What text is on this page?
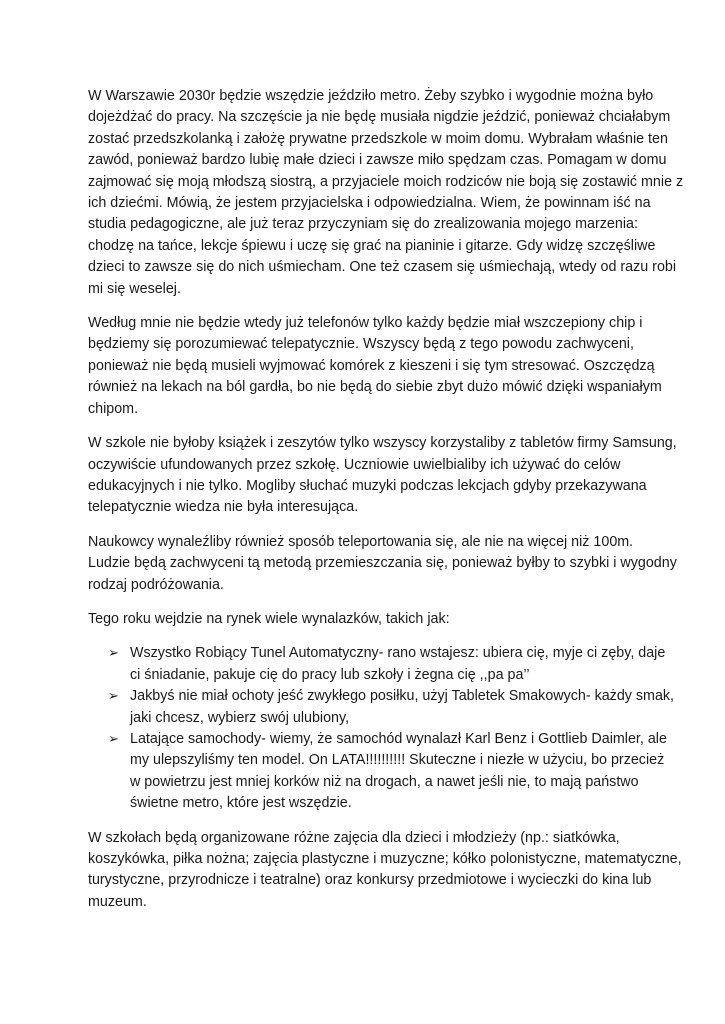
W Warszawie 2030r będzie wszędzie jeździło metro. Żeby szybko i wygodnie można było
dojeżdżać do pracy. Na szczęście ja nie będę musiała nigdzie jeździć, ponieważ chciałabym
zostać przedszkolanką i założę prywatne przedszkole w moim domu. Wybrałam właśnie ten
zawód, ponieważ bardzo lubię małe dzieci i zawsze miło spędzam czas. Pomagam w domu
zajmować się moją młodszą siostrą, a przyjaciele moich rodziców nie boją się zostawić mnie z
ich dziećmi. Mówią, że jestem przyjacielska i odpowiedzialna. Wiem, że powinnam iść na
studia pedagogiczne, ale już teraz przyczyniam się do zrealizowania mojego marzenia:
chodzę na tańce, lekcje śpiewu i uczę się grać na pianinie i gitarze. Gdy widzę szczęśliwe
dzieci to zawsze się do nich uśmiecham. One też czasem się uśmiechają, wtedy od razu robi
mi się weselej.

Według mnie nie będzie wtedy już telefonów tylko każdy będzie miał wszczepiony chip i
będziemy się porozumiewać telepatycznie. Wszyscy będą z tego powodu zachwyceni,
ponieważ nie będą musieli wyjmować komórek z kieszeni i się tym stresować. Oszczędzą
również na lekach na ból gardła, bo nie będą do siebie zbyt dużo mówić dzięki wspaniałym
chipom.

W szkole nie byłoby książek i zeszytów tylko wszyscy korzystaliby z tabletów firmy Samsung,
oczywiście ufundowanych przez szkołę. Uczniowie uwielbialiby ich używać do celów
edukacyjnych i nie tylko. Mogliby słuchać muzyki podczas lekcjach gdyby przekazywana
telepatycznie wiedza nie była interesująca.

Naukowcy wynaleźliby również sposób teleportowania się, ale nie na więcej niż 100m.
Ludzie będą zachwyceni tą metodą przemieszczania się, ponieważ byłby to szybki i wygodny
rodzaj podróżowania.

Tego roku wejdzie na rynek wiele wynalazków, takich jak:

➢ Wszystko Robiący Tunel Automatyczny- rano wstajesz: ubiera cię, myje ci zęby, daje
ci śniadanie, pakuje cię do pracy lub szkoły i żegna cię ,,pa pa’’
➢ Jakbyś nie miał ochoty jeść zwykłego posiłku, użyj Tabletek Smakowych- każdy smak,
jaki chcesz, wybierz swój ulubiony,
➢ Latające samochody- wiemy, że samochód wynalazł Karl Benz i Gottlieb Daimler, ale
my ulepszyliśmy ten model. On LATA!!!!!!!!!! Skuteczne i niezłe w użyciu, bo przecież
w powietrzu jest mniej korków niż na drogach, a nawet jeśli nie, to mają państwo
świetne metro, które jest wszędzie.

W szkołach będą organizowane różne zajęcia dla dzieci i młodzieży (np.: siatkówka,
koszykówka, piłka nożna; zajęcia plastyczne i muzyczne; kółko polonistyczne, matematyczne,
turystyczne, przyrodnicze i teatralne) oraz konkursy przedmiotowe i wycieczki do kina lub
muzeum.
